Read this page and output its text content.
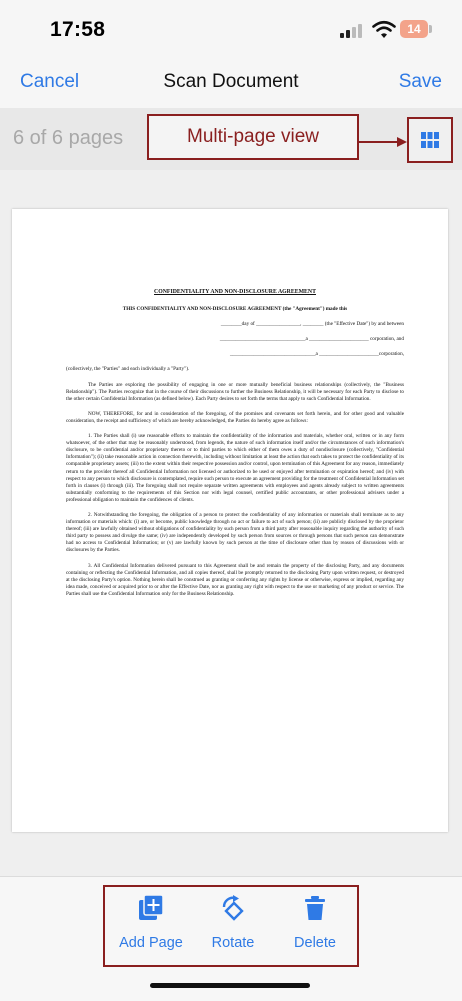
17:58	14
Cancel	Scan Document	Save
6 of 6 pages	Multi-page view
CONFIDENTIALITY AND NON-DISCLOSURE AGREEMENT
THIS CONFIDENTIALITY AND NON-DISCLOSURE AGREEMENT (the "Agreement") made this
________day of _________________, ________ (the "Effective Date") by and between
_________________________________a _______________________ corporation, and
_________________________________a _______________________corporation,
(collectively, the "Parties" and each individually a "Party").
The Parties are exploring the possibility of engaging in one or more mutually beneficial business relationships (collectively, the "Business Relationship"). The Parties recognize that in the course of their discussions to further the Business Relationship, it will be necessary for each Party to disclose to the other certain Confidential Information (as defined below). Each Party desires to set forth the terms that apply to such Confidential Information.
NOW, THEREFORE, for and in consideration of the foregoing, of the promises and covenants set forth herein, and for other good and valuable consideration, the receipt and sufficiency of which are hereby acknowledged, the Parties do hereby agree as follows:
1. The Parties shall (i) use reasonable efforts to maintain the confidentiality of the information and materials, whether oral, written or in any form whatsoever, of the other that may be reasonably understood, from legends, the nature of such information itself and/or the circumstances of such information's disclosure, to be confidential and/or proprietary thereto or to third parties to which either of them owes a duty of nondisclosure (collectively, "Confidential Information"); (ii) take reasonable action in connection therewith, including without limitation at least the action that each takes to protect the confidentiality of its comparable proprietary assets; (iii) to the extent within their respective possession and/or control, upon termination of this Agreement for any reason, immediately return to the provider thereof all Confidential Information not licensed or authorized to be used or enjoyed after termination or expiration hereof; and (iv) with respect to any person to which disclosure is contemplated, require such person to execute an agreement providing for the treatment of Confidential Information set forth in clauses (i) through (iii). The foregoing shall not require separate written agreements with employees and agents already subject to written agreements substantially conforming to the requirements of this Section nor with legal counsel, certified public accountants, or other professional advisers under a professional obligation to maintain the confidences of clients.
2. Notwithstanding the foregoing, the obligation of a person to protect the confidentiality of any information or materials shall terminate as to any information or materials which: (i) are, or become, public knowledge through no act or failure to act of such person; (ii) are publicly disclosed by the proprietor thereof; (iii) are lawfully obtained without obligations of confidentiality by such person from a third party after reasonable inquiry regarding the authority of such third party to possess and divulge the same; (iv) are independently developed by such person from sources or through persons that such person can demonstrate had no access to Confidential Information; or (v) are lawfully known by such person at the time of disclosure other than by reason of discussions with or disclosures by the Parties.
3. All Confidential Information delivered pursuant to this Agreement shall be and remain the property of the disclosing Party, and any documents containing or reflecting the Confidential Information, and all copies thereof, shall be promptly returned to the disclosing Party upon written request, or destroyed at the disclosing Party's option. Nothing herein shall be construed as granting or conferring any rights by license or otherwise, express or implied, regarding any idea made, conceived or acquired prior to or after the Effective Date, nor as granting any right with respect to the use or marketing of any product or service. The Parties shall use the Confidential Information only for the Business Relationship.
Add Page	Rotate	Delete
